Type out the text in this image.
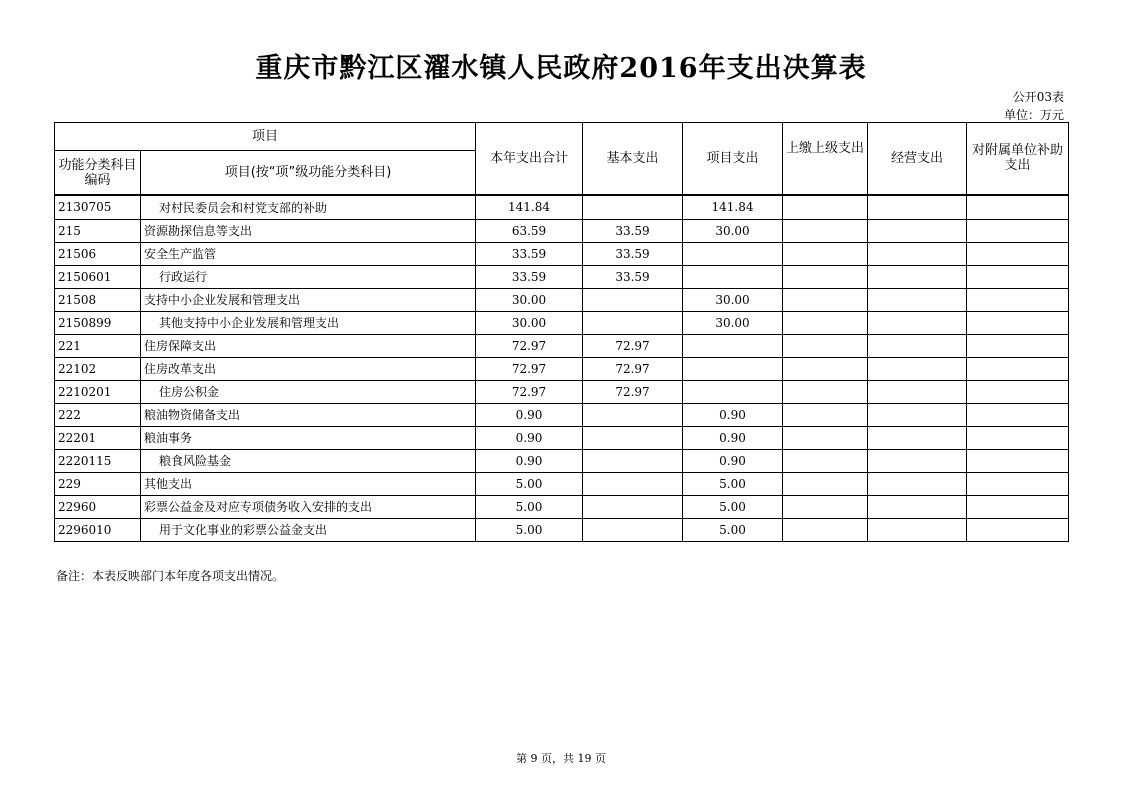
重庆市黔江区濯水镇人民政府2016年支出决算表
公开03表
单位：万元
项目		本年支出合计	基本支出	项目支出	上缴上级支出	经营支出	对附属单位补助支出
功能分类科目编码	项目(按“项”级功能分类科目)						
2130705	对村民委员会和村党支部的补助	141.84		141.84			
215	资源勘探信息等支出	63.59	33.59	30.00			
21506	安全生产监管	33.59	33.59				
2150601	行政运行	33.59	33.59				
21508	支持中小企业发展和管理支出	30.00		30.00			
2150899	其他支持中小企业发展和管理支出	30.00		30.00			
221	住房保障支出	72.97	72.97				
22102	住房改革支出	72.97	72.97				
2210201	住房公积金	72.97	72.97				
222	粮油物资储备支出	0.90		0.90			
22201	粮油事务	0.90		0.90			
2220115	粮食风险基金	0.90		0.90			
229	其他支出	5.00		5.00			
22960	彩票公益金及对应专项债务收入安排的支出	5.00		5.00			
2296010	用于文化事业的彩票公益金支出	5.00		5.00			
备注：本表反映部门本年度各项支出情况。
第 9 页，共 19 页
